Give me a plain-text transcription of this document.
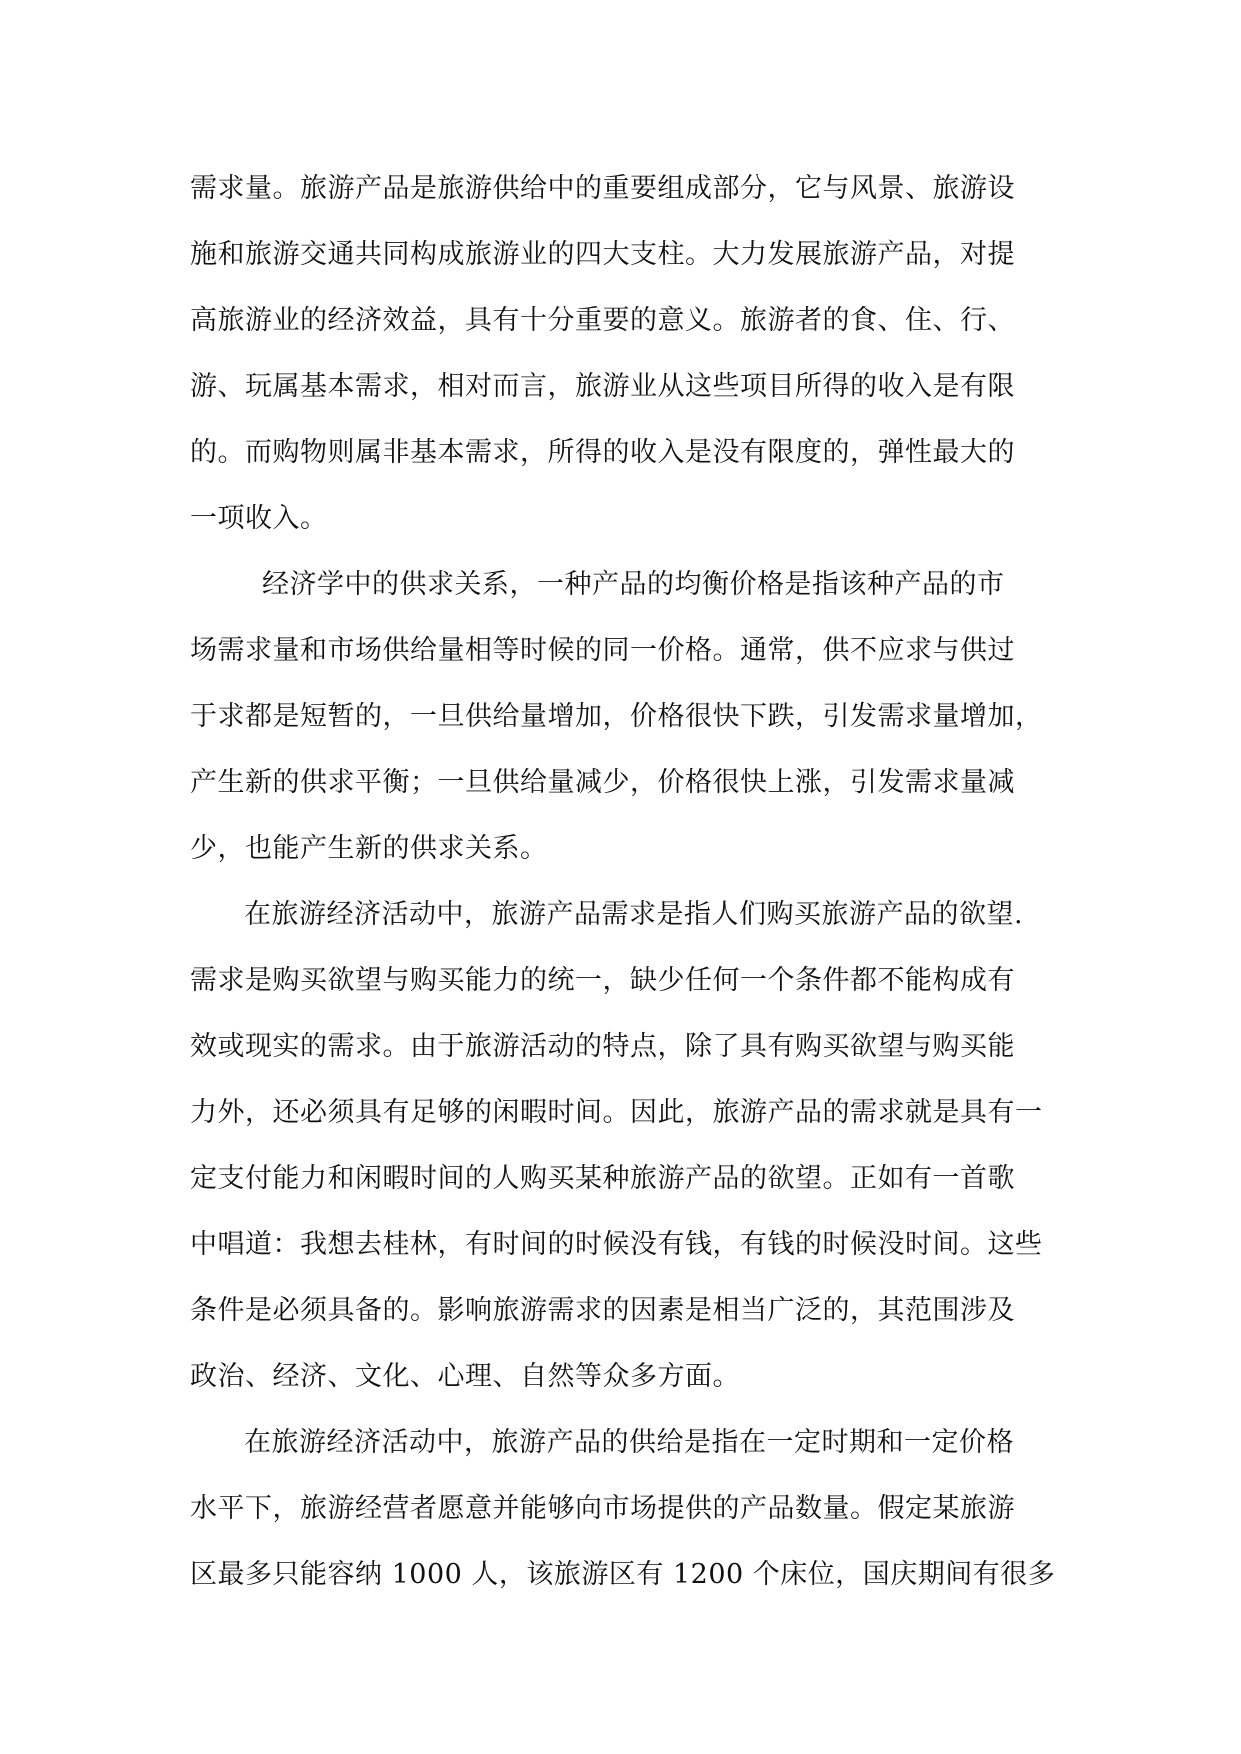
需求量。旅游产品是旅游供给中的重要组成部分，它与风景、旅游设

施和旅游交通共同构成旅游业的四大支柱。大力发展旅游产品，对提

高旅游业的经济效益，具有十分重要的意义。旅游者的食、住、行、

游、玩属基本需求，相对而言，旅游业从这些项目所得的收入是有限

的。而购物则属非基本需求，所得的收入是没有限度的，弹性最大的

一项收入。

经济学中的供求关系，一种产品的均衡价格是指该种产品的市

场需求量和市场供给量相等时候的同一价格。通常，供不应求与供过

于求都是短暂的，一旦供给量增加，价格很快下跌，引发需求量增加，

产生新的供求平衡；一旦供给量减少，价格很快上涨，引发需求量减

少，也能产生新的供求关系。

在旅游经济活动中，旅游产品需求是指人们购买旅游产品的欲望.

需求是购买欲望与购买能力的统一，缺少任何一个条件都不能构成有

效或现实的需求。由于旅游活动的特点，除了具有购买欲望与购买能

力外，还必须具有足够的闲暇时间。因此，旅游产品的需求就是具有一

定支付能力和闲暇时间的人购买某种旅游产品的欲望。正如有一首歌

中唱道：我想去桂林，有时间的时候没有钱，有钱的时候没时间。这些

条件是必须具备的。影响旅游需求的因素是相当广泛的，其范围涉及

政治、经济、文化、心理、自然等众多方面。

在旅游经济活动中，旅游产品的供给是指在一定时期和一定价格

水平下，旅游经营者愿意并能够向市场提供的产品数量。假定某旅游

区最多只能容纳 1000 人，该旅游区有 1200 个床位，国庆期间有很多
